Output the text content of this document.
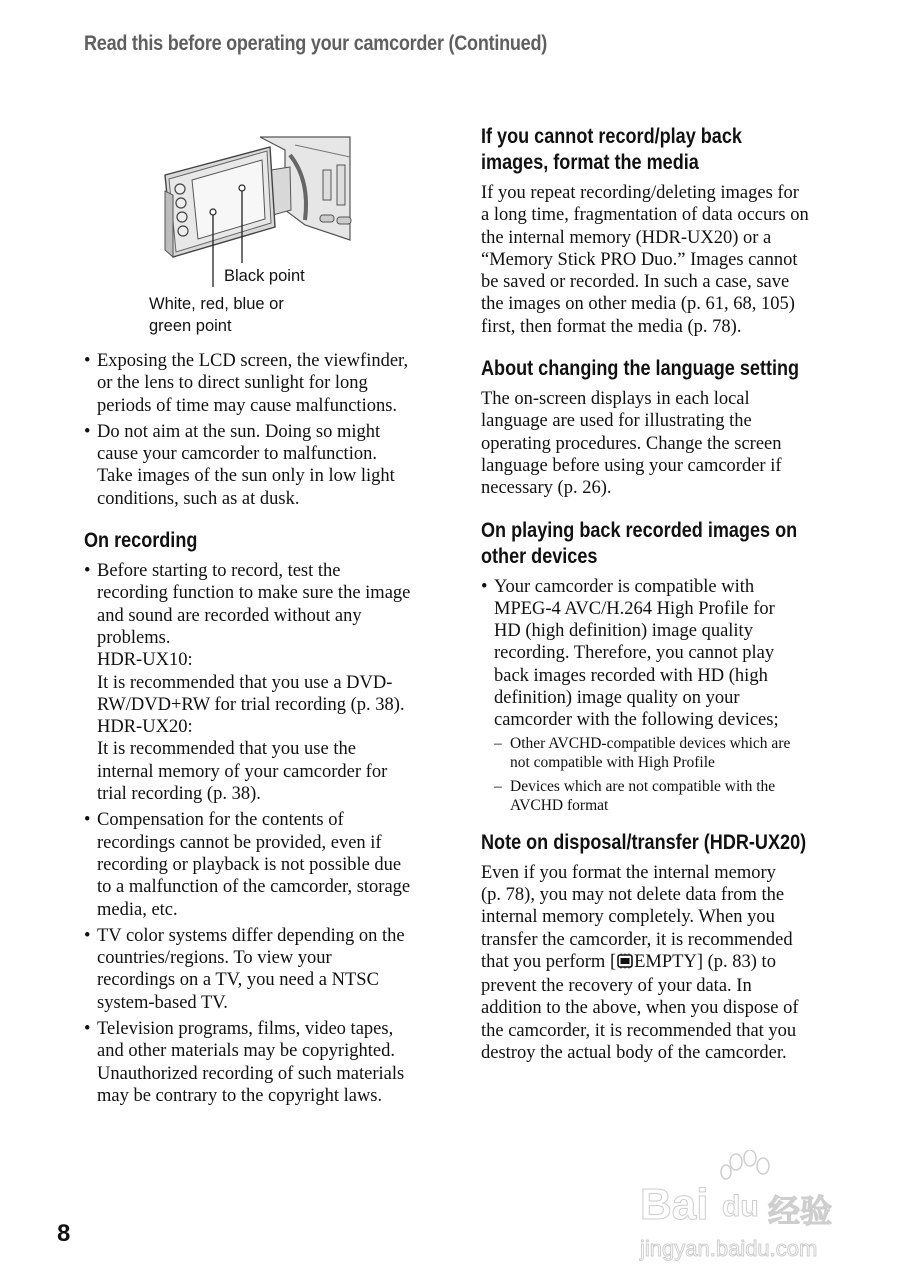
Read this before operating your camcorder (Continued)
Black point
White, red, blue or
green point
• Exposing the LCD screen, the viewfinder,
or the lens to direct sunlight for long
periods of time may cause malfunctions.
• Do not aim at the sun. Doing so might
cause your camcorder to malfunction.
Take images of the sun only in low light
conditions, such as at dusk.
On recording
• Before starting to record, test the
recording function to make sure the image
and sound are recorded without any
problems.
HDR-UX10:
It is recommended that you use a DVD-
RW/DVD+RW for trial recording (p. 38).
HDR-UX20:
It is recommended that you use the
internal memory of your camcorder for
trial recording (p. 38).
• Compensation for the contents of
recordings cannot be provided, even if
recording or playback is not possible due
to a malfunction of the camcorder, storage
media, etc.
• TV color systems differ depending on the
countries/regions. To view your
recordings on a TV, you need a NTSC
system-based TV.
• Television programs, films, video tapes,
and other materials may be copyrighted.
Unauthorized recording of such materials
may be contrary to the copyright laws.
If you cannot record/play back
images, format the media
If you repeat recording/deleting images for
a long time, fragmentation of data occurs on
the internal memory (HDR-UX20) or a
“Memory Stick PRO Duo.” Images cannot
be saved or recorded. In such a case, save
the images on other media (p. 61, 68, 105)
first, then format the media (p. 78).
About changing the language setting
The on-screen displays in each local
language are used for illustrating the
operating procedures. Change the screen
language before using your camcorder if
necessary (p. 26).
On playing back recorded images on
other devices
• Your camcorder is compatible with
MPEG-4 AVC/H.264 High Profile for
HD (high definition) image quality
recording. Therefore, you cannot play
back images recorded with HD (high
definition) image quality on your
camcorder with the following devices;
– Other AVCHD-compatible devices which are
not compatible with High Profile
– Devices which are not compatible with the
AVCHD format
Note on disposal/transfer (HDR-UX20)
Even if you format the internal memory
(p. 78), you may not delete data from the
internal memory completely. When you
transfer the camcorder, it is recommended
that you perform [ EMPTY] (p. 83) to
prevent the recovery of your data. In
addition to the above, when you dispose of
the camcorder, it is recommended that you
destroy the actual body of the camcorder.
8
Bai du 经验
jingyan.baidu.com
